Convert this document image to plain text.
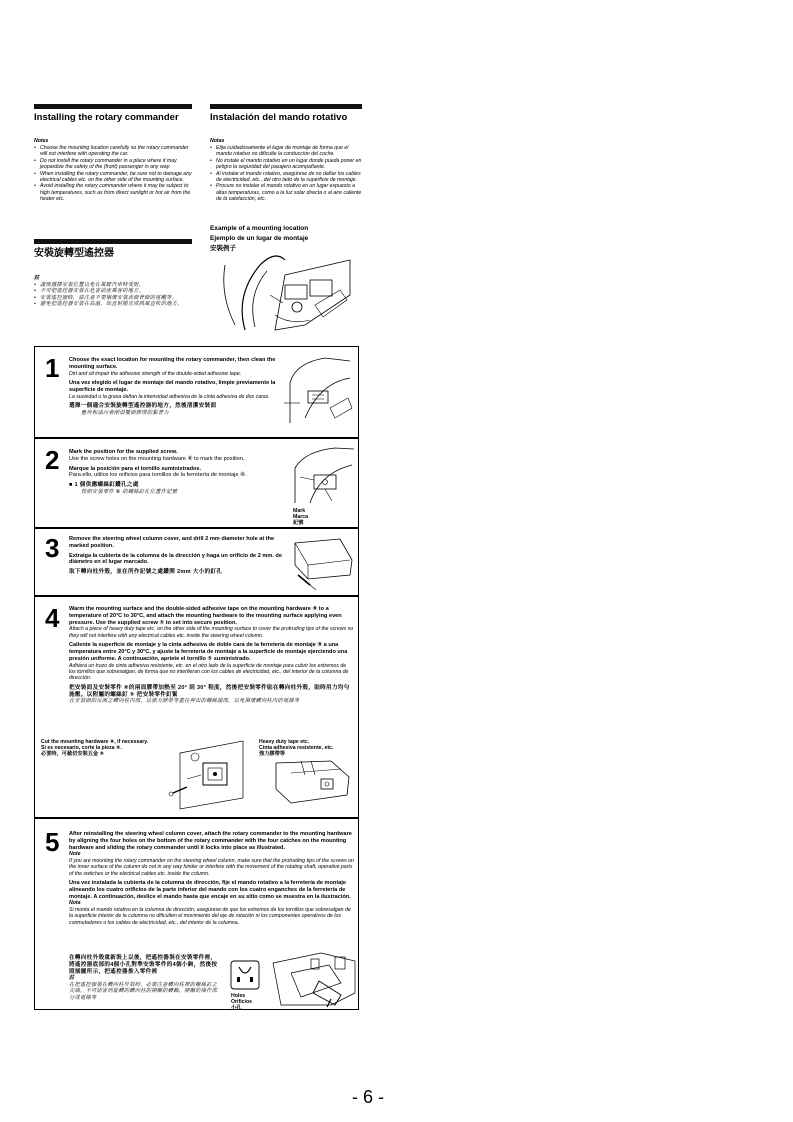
Installing the rotary commander
Notes
• Choose the mounting location carefully so the rotary commander will not interfere with operating the car.
• Do not install the rotary commander in a place where it may jeopardize the safety of the (front) passenger in any way.
• When installing the rotary commander, be sure not to damage any electrical cables etc. on the other side of the mounting surface.
• Avoid installing the rotary commander where it may be subject to high temperatures, such as from direct sunlight or hot air from the heater etc.
安裝旋轉型遙控器
註
• 謹慎選擇安裝位置以免在駕駛汽車時受阻。
• 不可把遙控器安裝在危害前座乘客的地方。
• 安裝遙控器時，請注意不要損壞安裝表面背面的電纜等。
• 避免把遙控器安裝在高溫，如直射陽光或熱風直吹的地方。
Instalación del mando rotativo
Notas
• Elija cuidadosamente el lugar de montaje de forma que el mando rotativo no dificulte la conducción del coche.
• No instale el mando rotativo en un lugar donde pueda poner en peligro la seguridad del pasajero acompañante.
• Al instalar el mando rotativo, asegúrese de no dañar los cables de electricidad, etc., del otro lado de la superficie de montaje.
• Procure no instalar el mando rotativo en un lugar expuesto a altas temperaturas, como a la luz solar directa o al aire caliente de la calefacción, etc.
Example of a mounting location
Ejemplo de un lugar de montaje
安裝例子
1 Choose the exact location for mounting the rotary commander, then clean the mounting surface.
Dirt and oil impair the adhesive strength of the double-sided adhesive tape.
Una vez elegido el lugar de montaje del mando rotativo, limpie previamente la superficie de montaje.
La suciedad o la grasa dañan la intensidad adhesiva de la cinta adhesiva de dos caras.
選擇一個適合安裝旋轉型遙控器的地方，然後清潔安裝面
塵埃和油污會削弱雙面膠帶的黏著力
2 Mark the position for the supplied screw.
Use the screw holes on the mounting hardware ⑧ to mark the position.
Marque la posición para el tornillo suministrados.
Para ello, utilice los orificios para tornillos de la ferretería de montaje ⑧.
■ 1 個供應螺絲釘鑽孔之處
按照安裝零件 ⑧ 的螺絲釘孔位置作記號
Mark
Marca
記號
3 Remove the steering wheel column cover, and drill 2 mm diameter hole at the marked position.
Extraiga la cubierta de la columna de la dirección y haga un orificio de 2 mm. de diámetro en el lugar marcado.
取下轉向柱外殼，並在所作記號之處鑽開 2mm 大小的釘孔
4 Warm the mounting surface and the double-sided adhesive tape on the mounting hardware ⑧ to a temperature of 20°C to 30°C, and attach the mounting hardware to the mounting surface applying even pressure. Use the supplied screw ⑤ to set into secure position.
Attach a piece of heavy duty tape etc. on the other side of the mounting surface to cover the protruding tips of the screws so they will not interfere with any electrical cables etc. inside the steering wheel column.
Caliente la superficie de montaje y la cinta adhesiva de doble cara de la ferretería de montaje ⑧ a una temperatura entre 20°C y 30°C, y ajuste la ferretería de montaje a la superficie de montaje ejerciendo una presión uniforme. A continuación, apriete el tornillo ⑤ suministrado.
Adhiera un trozo de cinta adhesiva resistente, etc. en el otro lado de la superficie de montaje para cubrir los extremos de los tornillos que sobresalgan, de forma que no interfieran con los cables de electricidad, etc., del interior de la columna de dirección.
把安裝面及安裝零件 ⑧的兩面膠帶加熱至 20° 到 30° 程度，然後把安裝零件貼在轉向柱外殼，貼時用力均勻施壓。以附屬的螺絲釘 ⑤ 把安裝零件釘緊
在安裝面的反面之轉向柱內部，以強力膠帶等蓋住伸出的螺絲頭部，以免損壞轉向柱內的電線等
Cut the mounting hardware ⑧, if necessary.
Si es necesario, corte la pieza ⑧.
必要時，可截切安裝五金 ⑧
Heavy duty tape etc.
Cinta adhesiva resistente, etc.
強力膠帶等
5 After reinstalling the steering wheel column cover, attach the rotary commander to the mounting hardware by aligning the four holes on the bottom of the rotary commander with the four catches on the mounting hardware and sliding the rotary commander until it locks into place as illustrated.
Note
If you are mounting the rotary commander on the steering wheel column, make sure that the protruding tips of the screws on the inner surface of the column do not in any way hinder or interfere with the movement of the rotating shaft, operative parts of the switches or the electrical cables etc. inside the column.
Una vez instalada la cubierta de la columna de dirección, fije el mando rotativo a la ferretería de montaje alineando los cuatro orificios de la parte inferior del mando con los cuatro enganches de la ferretería de montaje. A continuación, deslice el mando hasta que encaje en su sitio como se muestra en la ilustración.
Nota
Si monta el mando rotativo en la columna de dirección, asegúrese de que los extremos de los tornillos que sobresalgan de la superficie interior de la columna no dificulten el movimiento del eje de rotación ni los componentes operativos de los conmutadores o los cables de electricidad, etc., del interior de la columna.
在轉向柱外殼重新裝上以後，把遙控器裝在安裝零件裡，將遙控器底部的4個小孔對準安裝零件的4個小鉤，然後按照插圖所示，把遙控器推入零件裡
註
在把遙控器裝在轉向柱外殼時，必需注意轉向柱裡的螺絲釘之尖端，不可妨害到旋轉的轉向柱的開關的轉軸，開關的操作部分或電線等	Holes
Orificios
小孔
- 6 -
